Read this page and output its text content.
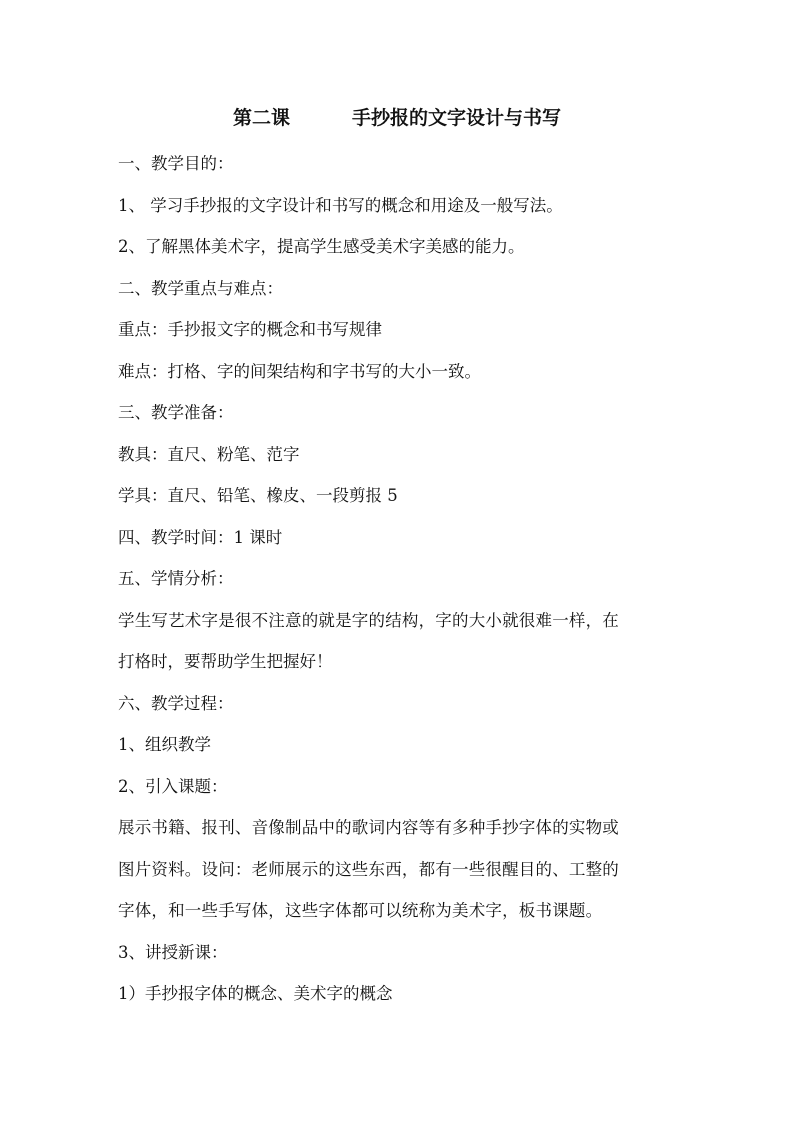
第二课	手抄报的文字设计与书写
一、教学目的：
1、 学习手抄报的文字设计和书写的概念和用途及一般写法。
2、了解黑体美术字，提高学生感受美术字美感的能力。
二、教学重点与难点：
重点：手抄报文字的概念和书写规律
难点：打格、字的间架结构和字书写的大小一致。
三、教学准备：
教具：直尺、粉笔、范字
学具：直尺、铅笔、橡皮、一段剪报 5
四、教学时间：1 课时
五、学情分析：
学生写艺术字是很不注意的就是字的结构，字的大小就很难一样，在
打格时，要帮助学生把握好！
六、教学过程：
1、组织教学
2、引入课题：
展示书籍、报刊、音像制品中的歌词内容等有多种手抄字体的实物或
图片资料。设问：老师展示的这些东西，都有一些很醒目的、工整的
字体，和一些手写体，这些字体都可以统称为美术字，板书课题。
3、讲授新课：
1）手抄报字体的概念、美术字的概念
